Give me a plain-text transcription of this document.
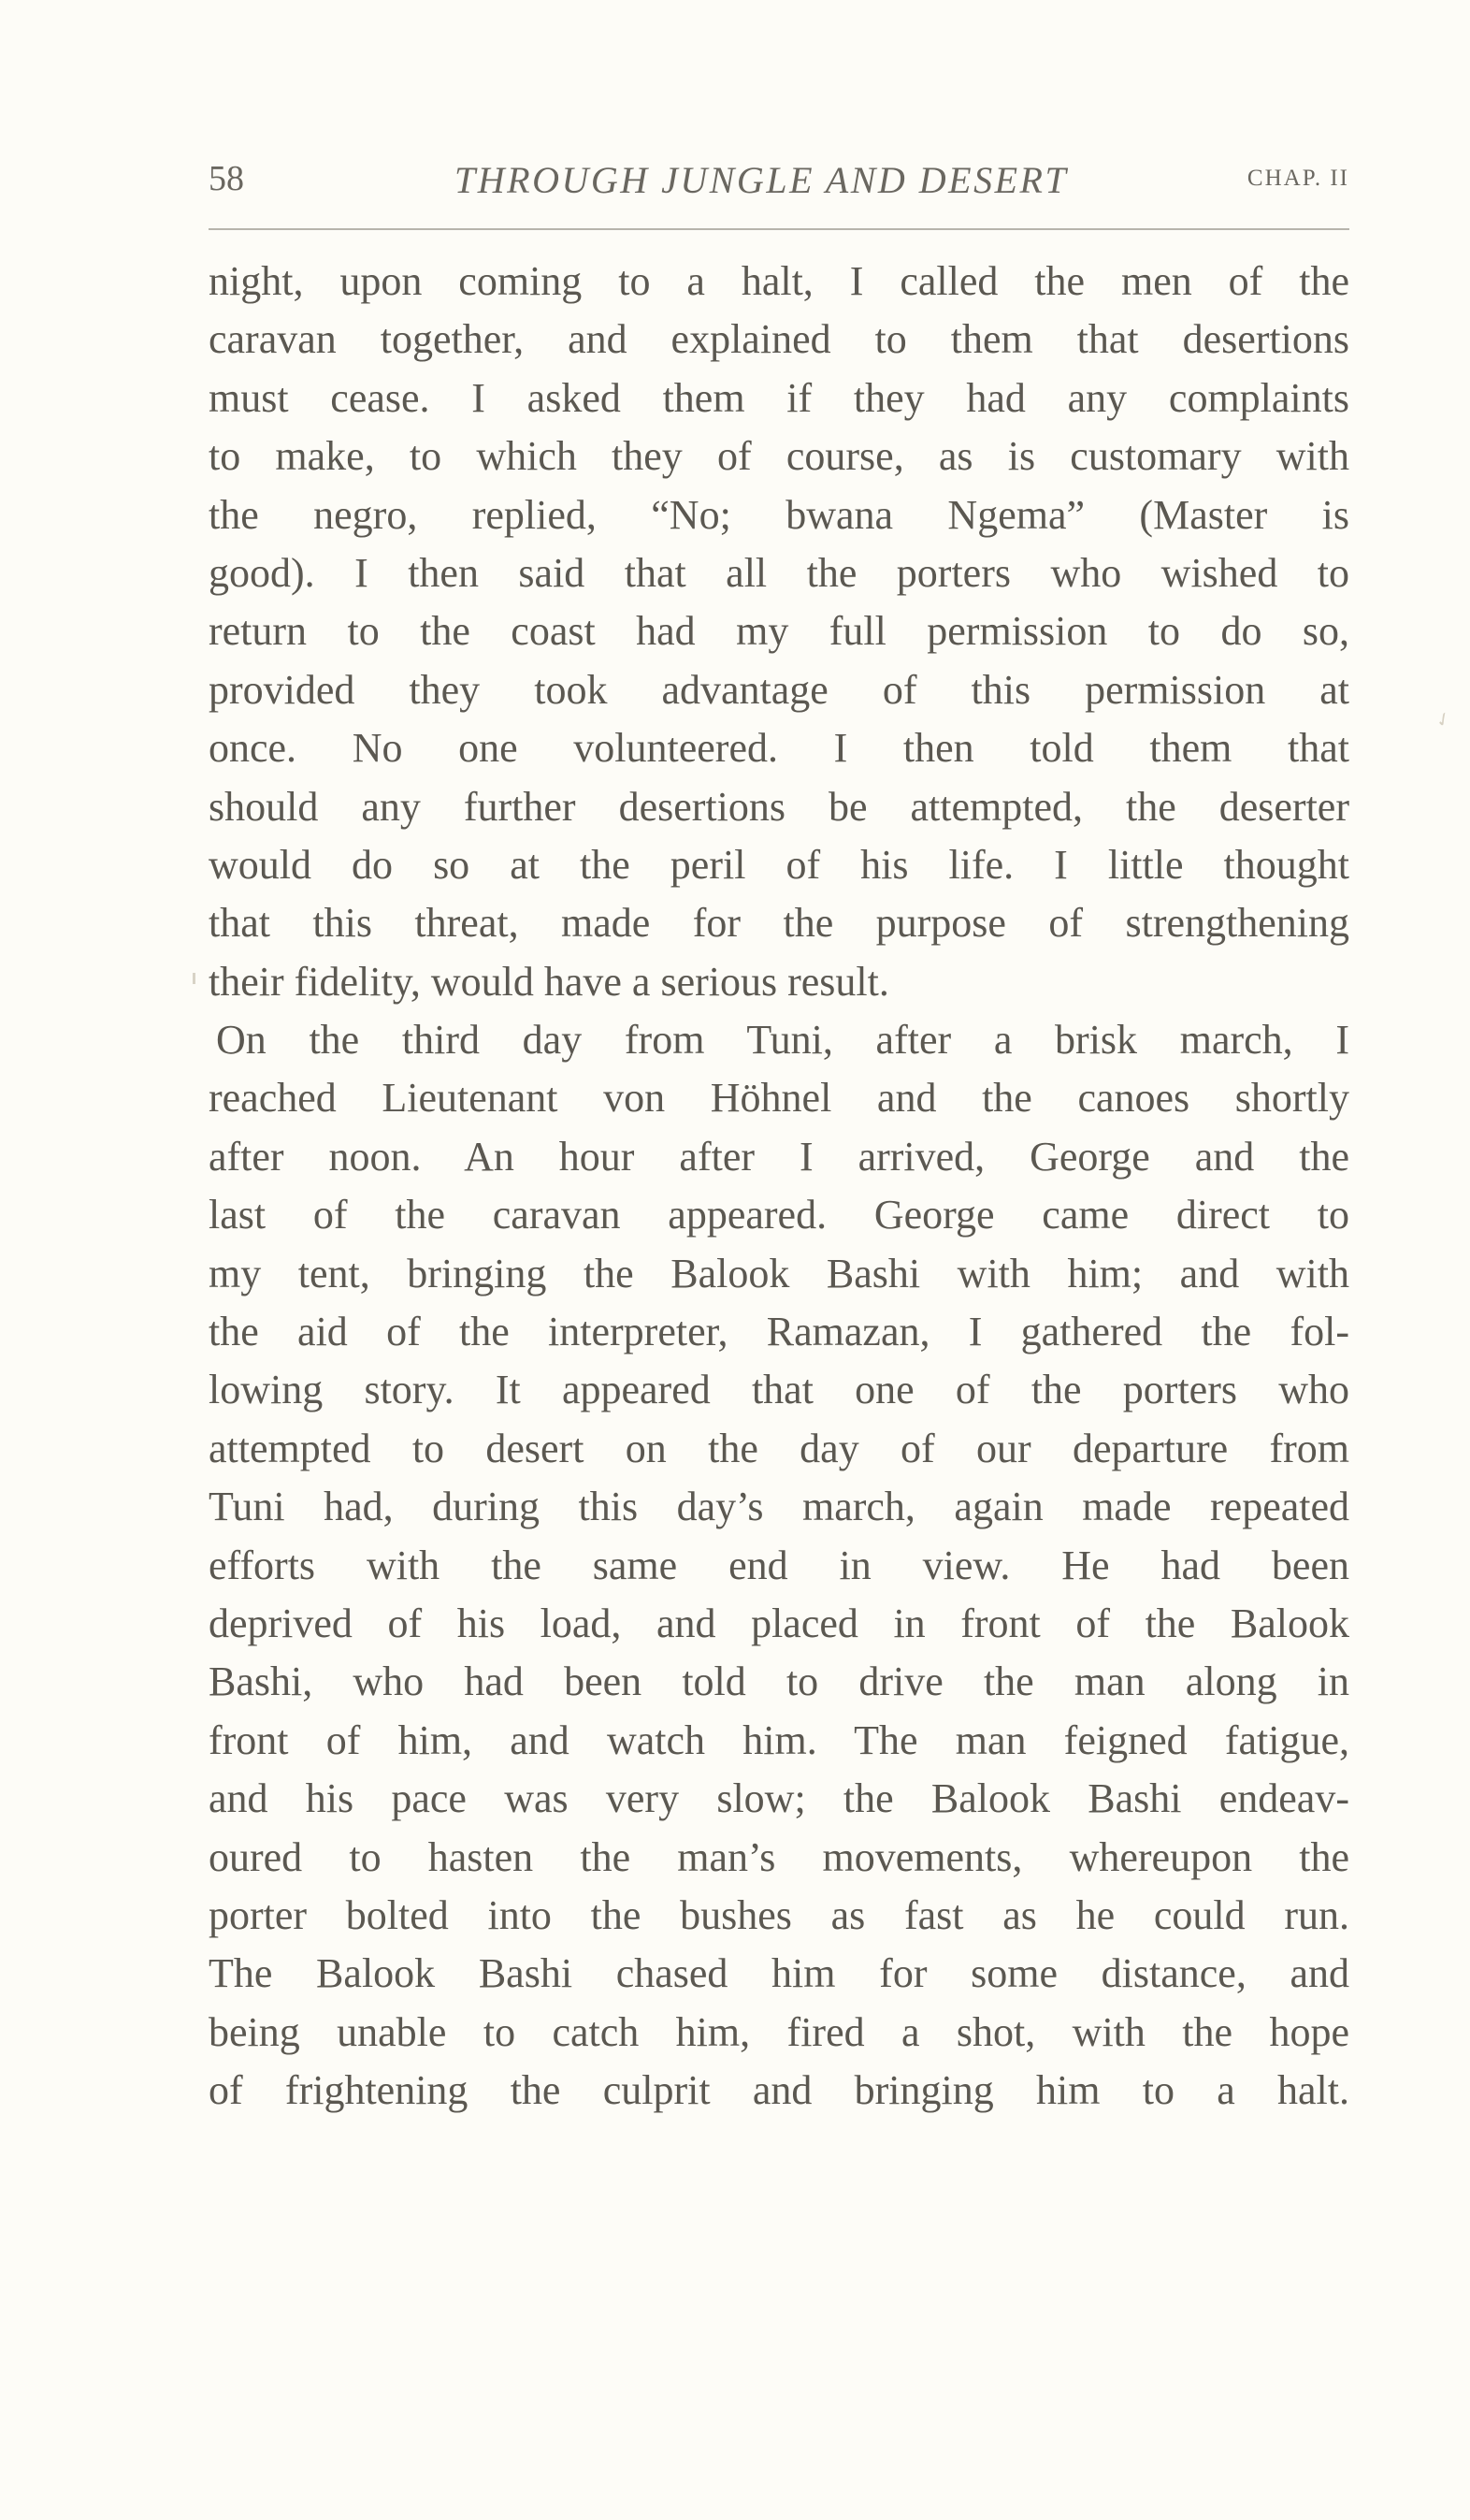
58	THROUGH JUNGLE AND DESERT	CHAP. II
night, upon coming to a halt, I called the men of the
caravan together, and explained to them that desertions
must cease. I asked them if they had any complaints
to make, to which they of course, as is customary with
the negro, replied, “No; bwana Ngema” (Master is
good). I then said that all the porters who wished to
return to the coast had my full permission to do so,
provided they took advantage of this permission at
once. No one volunteered. I then told them that
should any further desertions be attempted, the deserter
would do so at the peril of his life. I little thought
that this threat, made for the purpose of strengthening
their fidelity, would have a serious result.
On the third day from Tuni, after a brisk march, I
reached Lieutenant von Höhnel and the canoes shortly
after noon. An hour after I arrived, George and the
last of the caravan appeared. George came direct to
my tent, bringing the Balook Bashi with him; and with
the aid of the interpreter, Ramazan, I gathered the fol-
lowing story. It appeared that one of the porters who
attempted to desert on the day of our departure from
Tuni had, during this day’s march, again made repeated
efforts with the same end in view. He had been
deprived of his load, and placed in front of the Balook
Bashi, who had been told to drive the man along in
front of him, and watch him. The man feigned fatigue,
and his pace was very slow; the Balook Bashi endeav-
oured to hasten the man’s movements, whereupon the
porter bolted into the bushes as fast as he could run.
The Balook Bashi chased him for some distance, and
being unable to catch him, fired a shot, with the hope
of frightening the culprit and bringing him to a halt.
✓
